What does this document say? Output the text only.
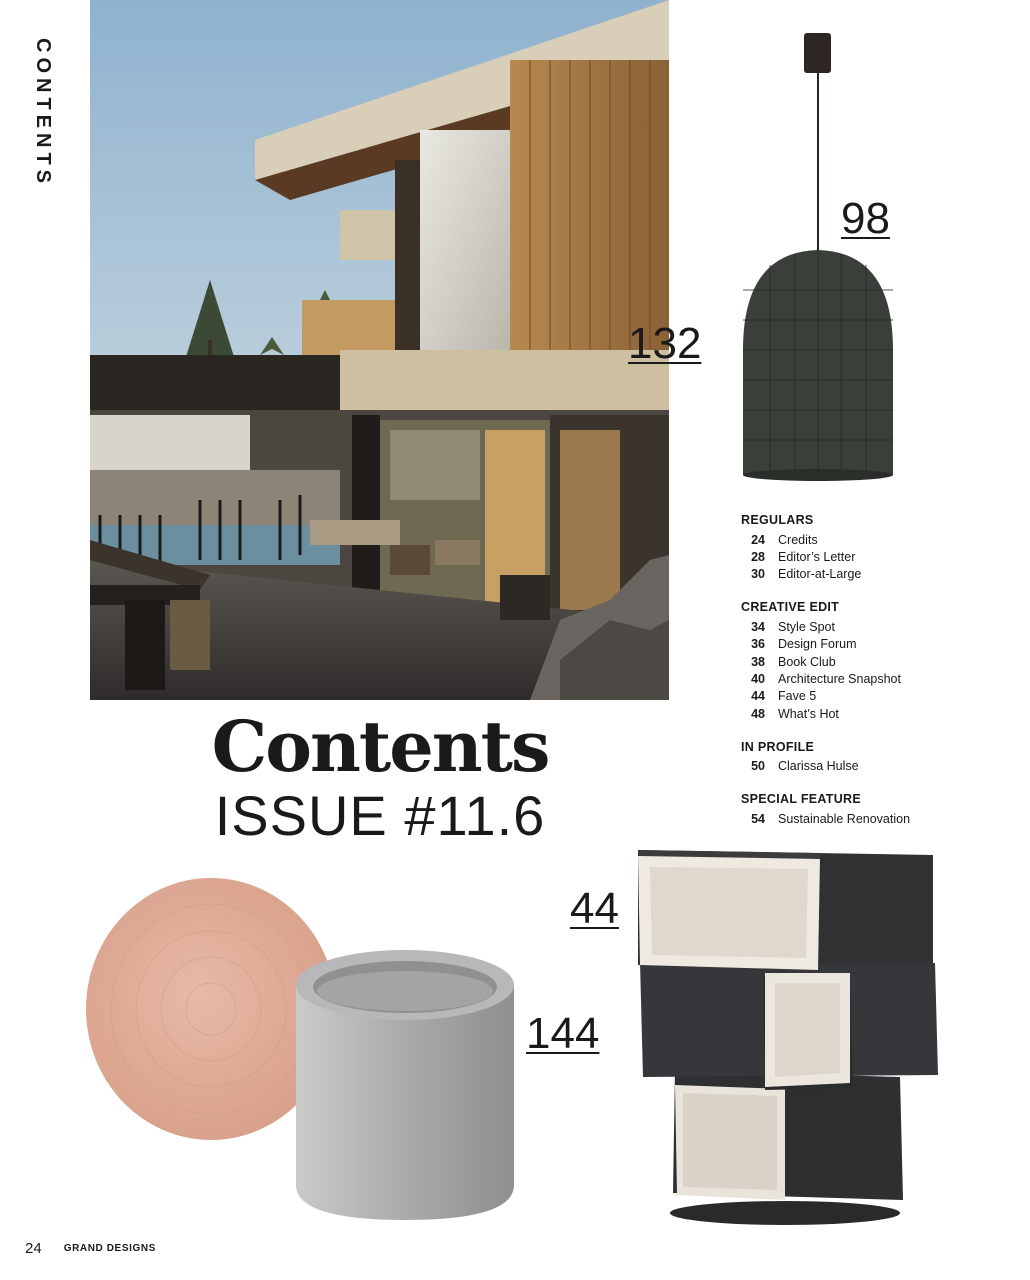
CONTENTS
132
98
44
144
REGULARS
24 Credits
28 Editor’s Letter
30 Editor-at-Large
CREATIVE EDIT
34 Style Spot
36 Design Forum
38 Book Club
40 Architecture Snapshot
44 Fave 5
48 What’s Hot
IN PROFILE
50 Clarissa Hulse
SPECIAL FEATURE
54 Sustainable Renovation
Contents
ISSUE #11.6
24 GRAND DESIGNS
